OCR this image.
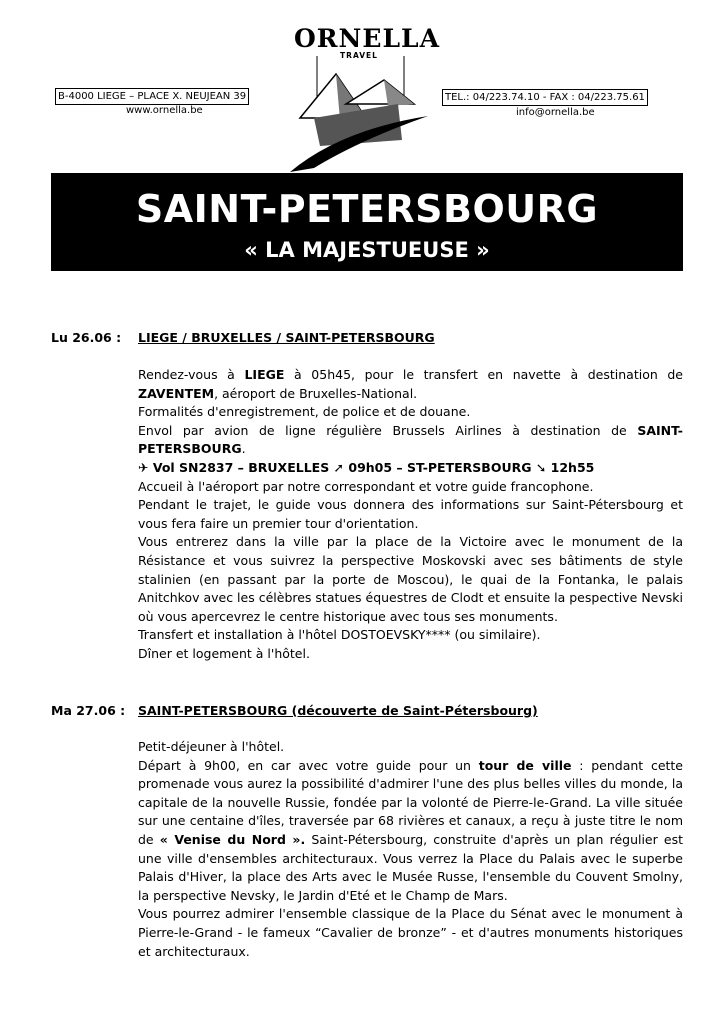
ORNELLA
TRAVEL
B-4000 LIEGE – PLACE X. NEUJEAN 39
www.ornella.be
TEL.: 04/223.74.10 - FAX : 04/223.75.61
info@ornella.be
SAINT-PETERSBOURG
« LA MAJESTUEUSE »
Lu 26.06 : LIEGE / BRUXELLES / SAINT-PETERSBOURG

Rendez-vous à LIEGE à 05h45, pour le transfert en navette à destination de ZAVENTEM, aéroport de Bruxelles-National.

Formalités d'enregistrement, de police et de douane.

Envol par avion de ligne régulière Brussels Airlines à destination de SAINT-PETERSBOURG.

✈ Vol SN2837 – BRUXELLES ➚ 09h05 – ST-PETERSBOURG ➘ 12h55

Accueil à l'aéroport par notre correspondant et votre guide francophone.

Pendant le trajet, le guide vous donnera des informations sur Saint-Pétersbourg et vous fera faire un premier tour d'orientation.

Vous entrerez dans la ville par la place de la Victoire avec le monument de la Résistance et vous suivrez la perspective Moskovski avec ses bâtiments de style stalinien (en passant par la porte de Moscou), le quai de la Fontanka, le palais Anitchkov avec les célèbres statues équestres de Clodt et ensuite la pespective Nevski où vous apercevrez le centre historique avec tous ses monuments.

Transfert et installation à l'hôtel DOSTOEVSKY**** (ou similaire).

Dîner et logement à l'hôtel.

Ma 27.06 : SAINT-PETERSBOURG (découverte de Saint-Pétersbourg)

Petit-déjeuner à l'hôtel.

Départ à 9h00, en car avec votre guide pour un tour de ville : pendant cette promenade vous aurez la possibilité d'admirer l'une des plus belles villes du monde, la capitale de la nouvelle Russie, fondée par la volonté de Pierre-le-Grand. La ville située sur une centaine d'îles, traversée par 68 rivières et canaux, a reçu à juste titre le nom de « Venise du Nord ». Saint-Pétersbourg, construite d'après un plan régulier est une ville d'ensembles architecturaux. Vous verrez la Place du Palais avec le superbe Palais d'Hiver, la place des Arts avec le Musée Russe, l'ensemble du Couvent Smolny, la perspective Nevsky, le Jardin d'Eté et le Champ de Mars.

Vous pourrez admirer l'ensemble classique de la Place du Sénat avec le monument à Pierre-le-Grand - le fameux “Cavalier de bronze” - et d'autres monuments historiques et architecturaux.
